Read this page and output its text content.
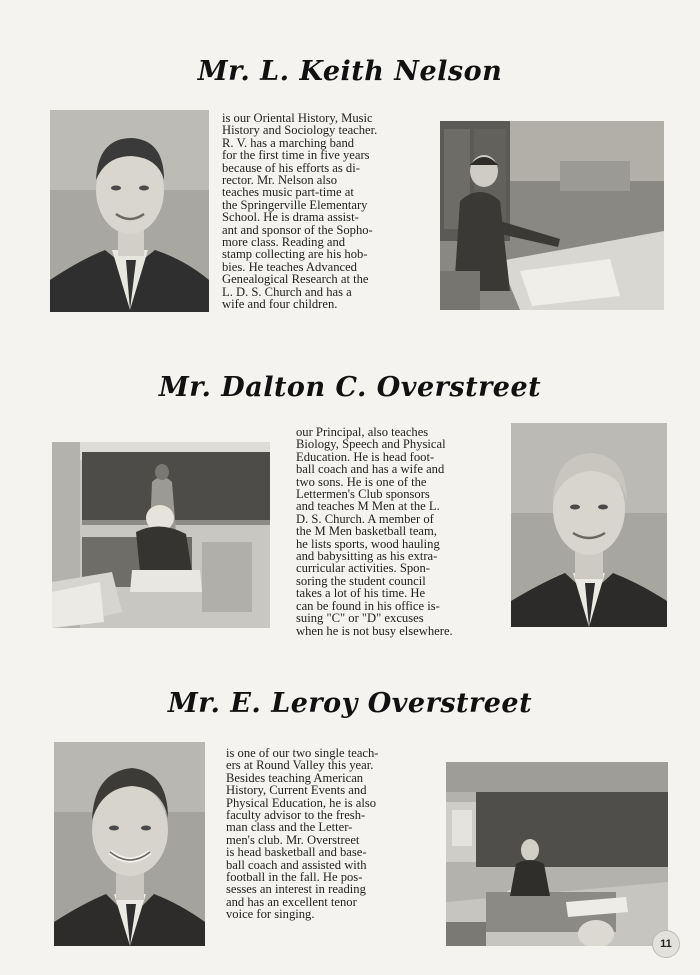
Mr. L. Keith Nelson
is our Oriental History, Music
History and Sociology teacher.
R. V. has a marching band
for the first time in five years
because of his efforts as di-
rector. Mr. Nelson also
teaches music part-time at
the Springerville Elementary
School. He is drama assist-
ant and sponsor of the Sopho-
more class. Reading and
stamp collecting are his hob-
bies. He teaches Advanced
Genealogical Research at the
L. D. S. Church and has a
wife and four children.
Mr. Dalton C. Overstreet
our Principal, also teaches
Biology, Speech and Physical
Education. He is head foot-
ball coach and has a wife and
two sons. He is one of the
Lettermen's Club sponsors
and teaches M Men at the L.
D. S. Church. A member of
the M Men basketball team,
he lists sports, wood hauling
and babysitting as his extra-
curricular activities. Spon-
soring the student council
takes a lot of his time. He
can be found in his office is-
suing "C" or "D" excuses
when he is not busy elsewhere.
Mr. E. Leroy Overstreet
is one of our two single teach-
ers at Round Valley this year.
Besides teaching American
History, Current Events and
Physical Education, he is also
faculty advisor to the fresh-
man class and the Letter-
men's club. Mr. Overstreet
is head basketball and base-
ball coach and assisted with
football in the fall. He pos-
sesses an interest in reading
and has an excellent tenor
voice for singing.
11
